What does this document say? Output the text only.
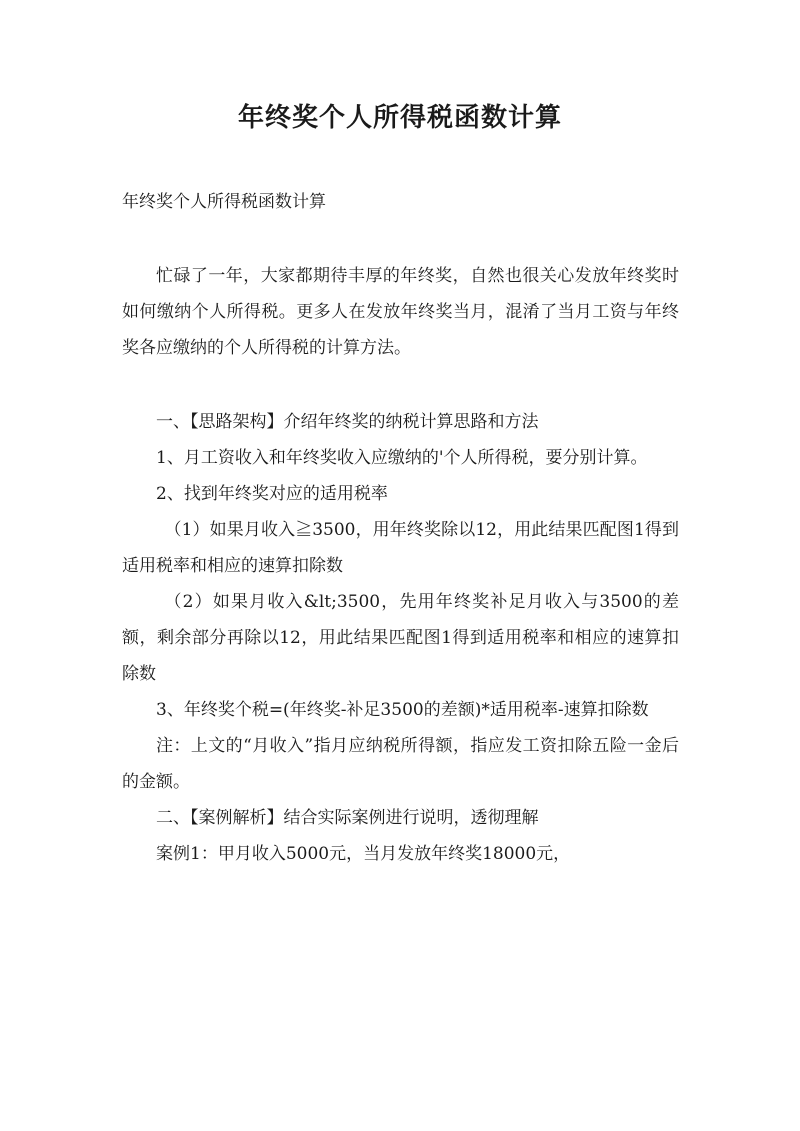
年终奖个人所得税函数计算

年终奖个人所得税函数计算

忙碌了一年，大家都期待丰厚的年终奖，自然也很关心发放年终奖时如何缴纳个人所得税。更多人在发放年终奖当月，混淆了当月工资与年终奖各应缴纳的个人所得税的计算方法。

一、【思路架构】介绍年终奖的纳税计算思路和方法

1、月工资收入和年终奖收入应缴纳的'个人所得税，要分别计算。

2、找到年终奖对应的适用税率

（1）如果月收入≧3500，用年终奖除以12，用此结果匹配图1得到适用税率和相应的速算扣除数

（2）如果月收入&lt;3500，先用年终奖补足月收入与3500的差额，剩余部分再除以12，用此结果匹配图1得到适用税率和相应的速算扣除数

3、年终奖个税=(年终奖-补足3500的差额)*适用税率-速算扣除数

注：上文的“月收入”指月应纳税所得额，指应发工资扣除五险一金后的金额。

二、【案例解析】结合实际案例进行说明，透彻理解

案例1：甲月收入5000元，当月发放年终奖18000元，
